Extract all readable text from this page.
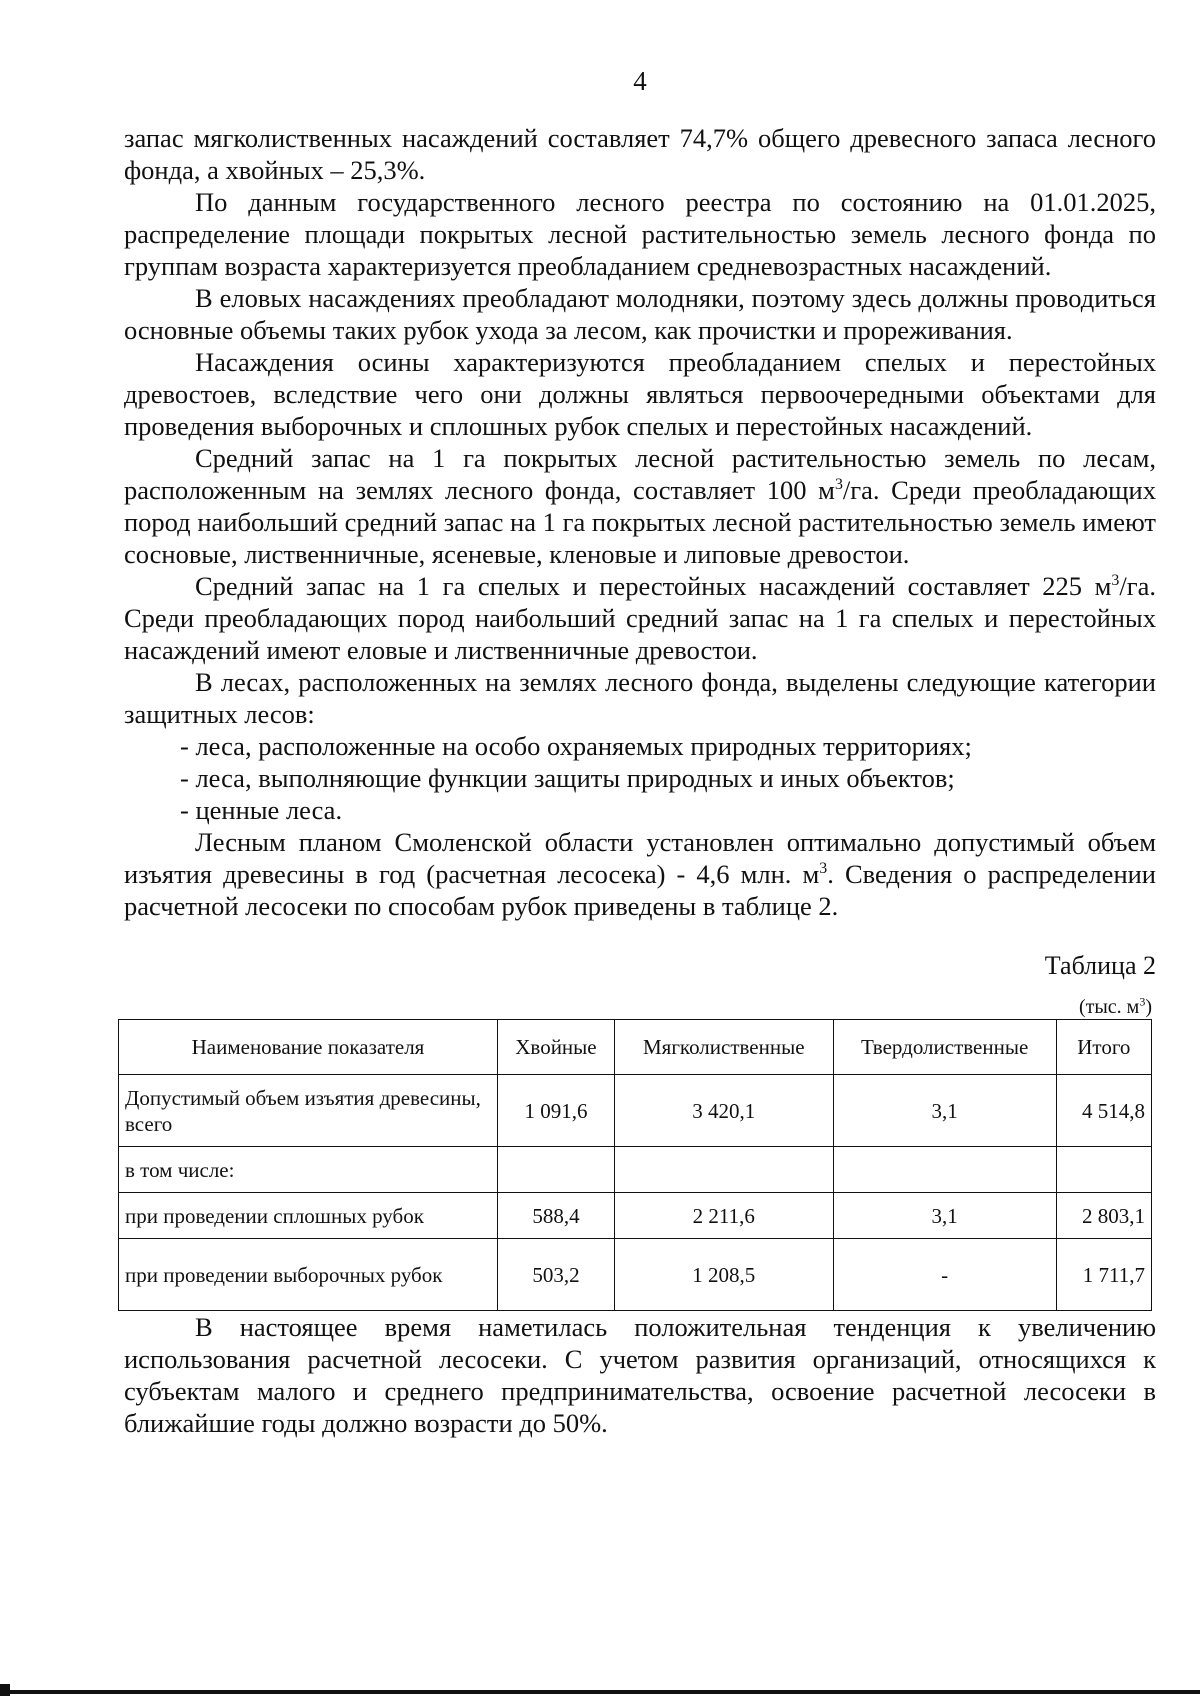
4

запас мягколиственных насаждений составляет 74,7% общего древесного запаса лесного фонда, а хвойных – 25,3%.

По данным государственного лесного реестра по состоянию на 01.01.2025, распределение площади покрытых лесной растительностью земель лесного фонда по группам возраста характеризуется преобладанием средневозрастных насаждений.

В еловых насаждениях преобладают молодняки, поэтому здесь должны проводиться основные объемы таких рубок ухода за лесом, как прочистки и прореживания.

Насаждения осины характеризуются преобладанием спелых и перестойных древостоев, вследствие чего они должны являться первоочередными объектами для проведения выборочных и сплошных рубок спелых и перестойных насаждений.

Средний запас на 1 га покрытых лесной растительностью земель по лесам, расположенным на землях лесного фонда, составляет 100 $м^3/га$. Среди преобладающих пород наибольший средний запас на 1 га покрытых лесной растительностью земель имеют сосновые, лиственничные, ясеневые, кленовые и липовые древостои.

Средний запас на 1 га спелых и перестойных насаждений составляет 225 $м^3/га$. Среди преобладающих пород наибольший средний запас на 1 га спелых и перестойных насаждений имеют еловые и лиственничные древостои.

В лесах, расположенных на землях лесного фонда, выделены следующие категории защитных лесов:

- леса, расположенные на особо охраняемых природных территориях;

- леса, выполняющие функции защиты природных и иных объектов;

- ценные леса.

Лесным планом Смоленской области установлен оптимально допустимый объем изъятия древесины в год (расчетная лесосека) - 4,6 млн. $м^3$. Сведения о распределении расчетной лесосеки по способам рубок приведены в таблице 2.

Таблица 2
(тыс. $м^3$)
Наименование показателя	Хвойные	Мягколиственные	Твердолиственные	Итого
Допустимый объем изъятия древесины, всего	1 091,6	3 420,1	3,1	4 514,8
в том числе:				
при проведении сплошных рубок	588,4	2 211,6	3,1	2 803,1
при проведении выборочных рубок	503,2	1 208,5	-	1 711,7

В настоящее время наметилась положительная тенденция к увеличению использования расчетной лесосеки. С учетом развития организаций, относящихся к субъектам малого и среднего предпринимательства, освоение расчетной лесосеки в ближайшие годы должно возрасти до 50%.
